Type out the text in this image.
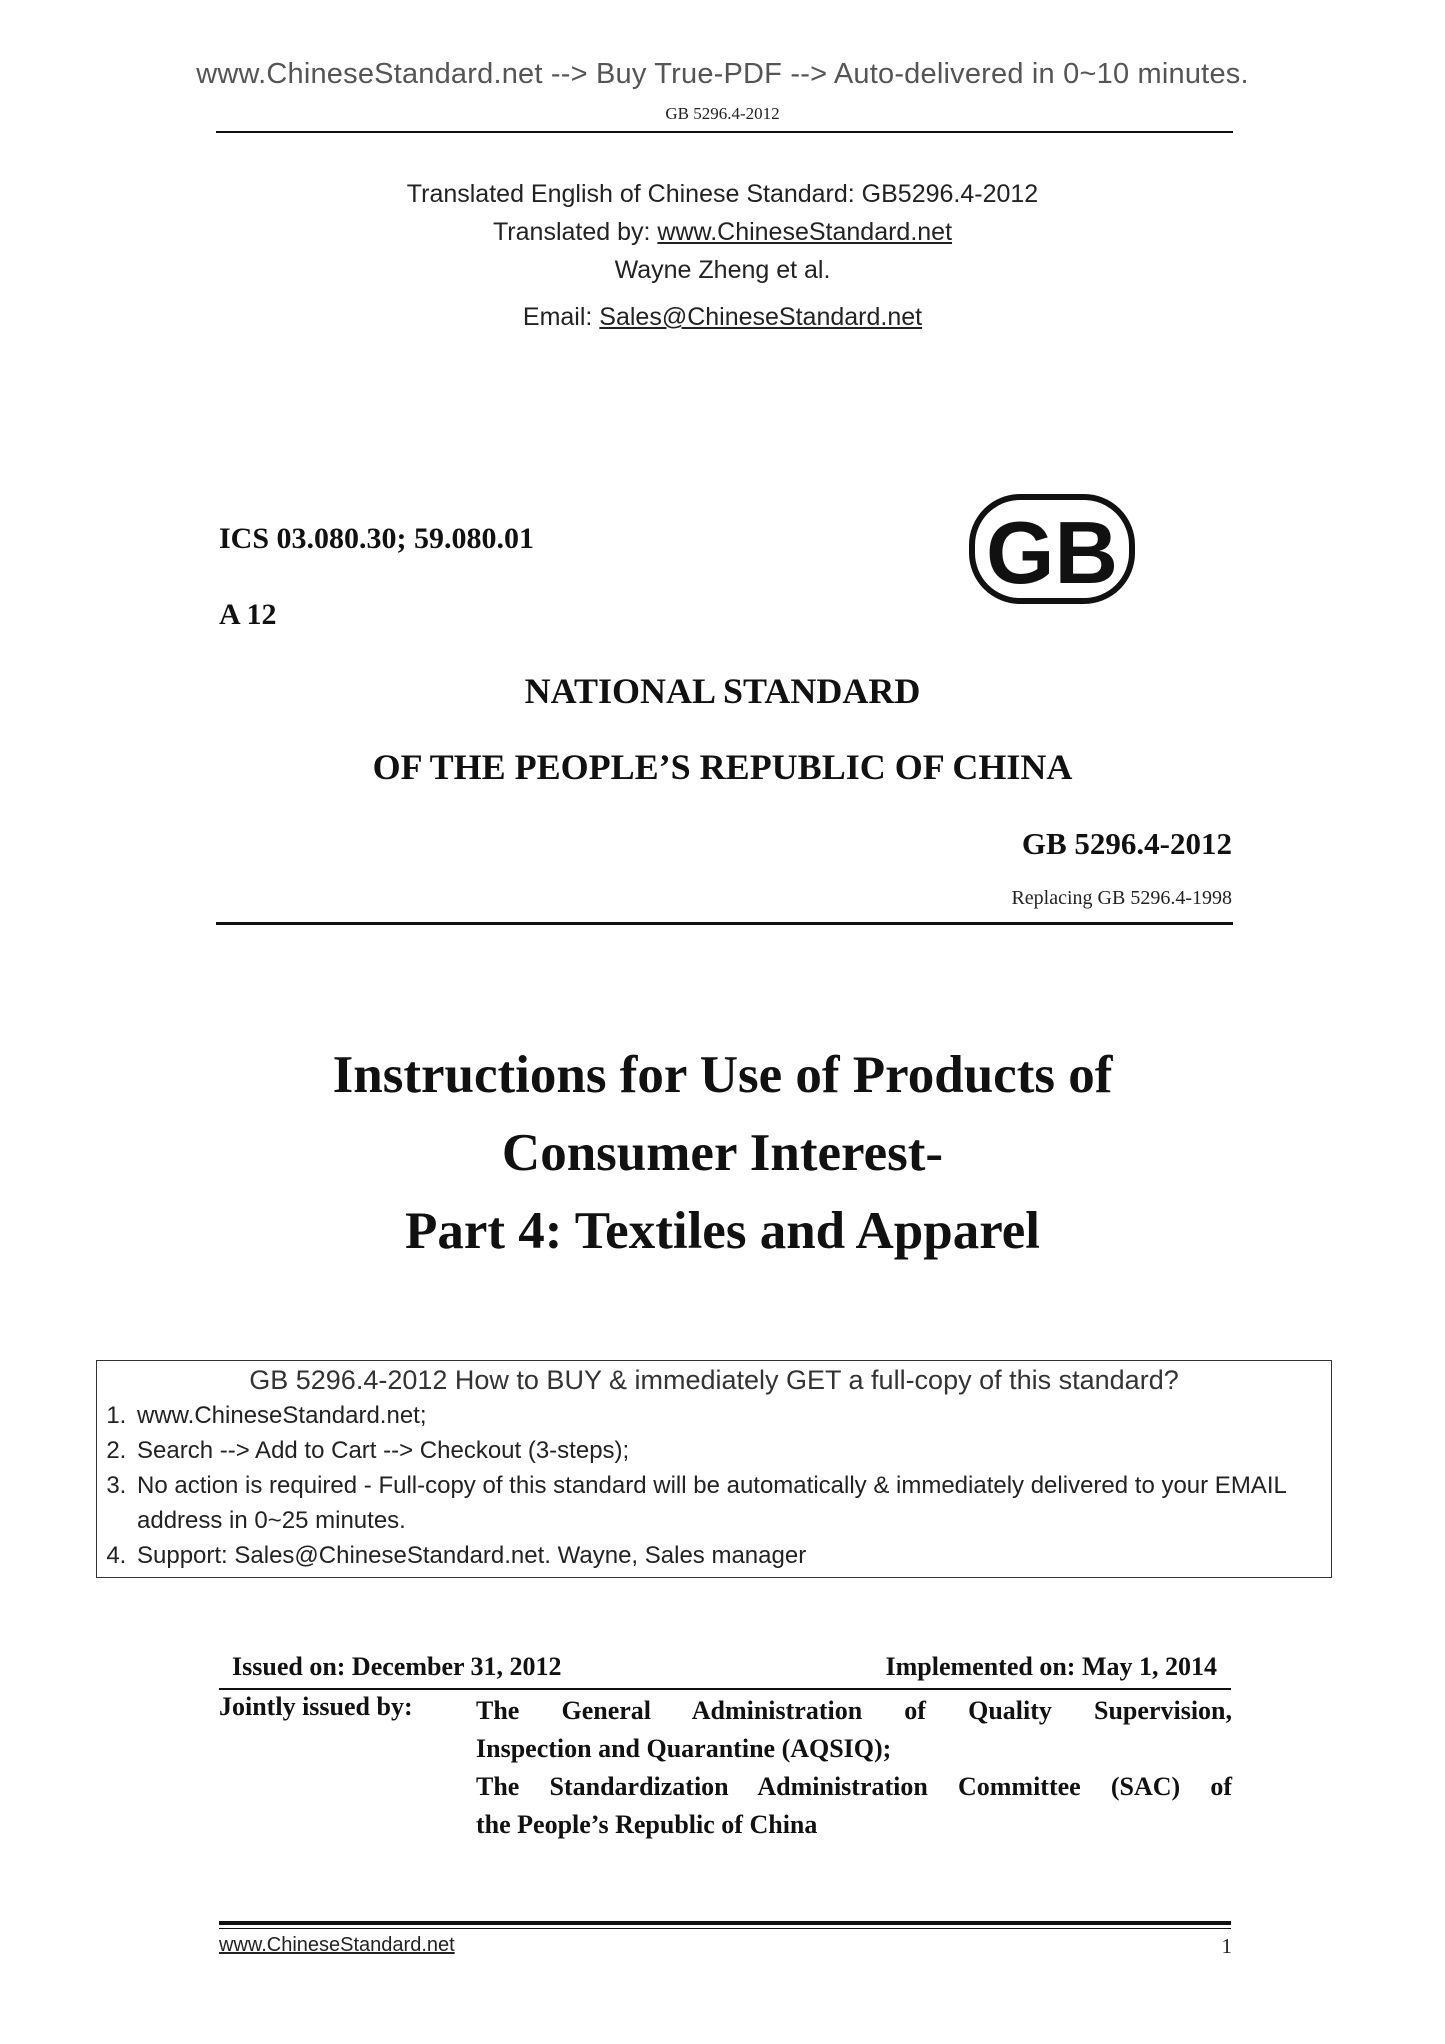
www.ChineseStandard.net --> Buy True-PDF --> Auto-delivered in 0~10 minutes.
GB 5296.4-2012
Translated English of Chinese Standard: GB5296.4-2012
Translated by: www.ChineseStandard.net
Wayne Zheng et al.
Email: Sales@ChineseStandard.net
ICS 03.080.30; 59.080.01
A 12
GB
NATIONAL STANDARD
OF THE PEOPLE’S REPUBLIC OF CHINA
GB 5296.4-2012
Replacing GB 5296.4-1998
Instructions for Use of Products of
Consumer Interest-
Part 4: Textiles and Apparel
GB 5296.4-2012 How to BUY & immediately GET a full-copy of this standard?
1. www.ChineseStandard.net;
2. Search --> Add to Cart --> Checkout (3-steps);
3. No action is required - Full-copy of this standard will be automatically & immediately delivered to your EMAIL address in 0~25 minutes.
4. Support: Sales@ChineseStandard.net. Wayne, Sales manager
Issued on: December 31, 2012	Implemented on: May 1, 2014
Jointly issued by: The General Administration of Quality Supervision,

Inspection and Quarantine (AQSIQ);

The Standardization Administration Committee (SAC) of

the People’s Republic of China

www.ChineseStandard.net	1
